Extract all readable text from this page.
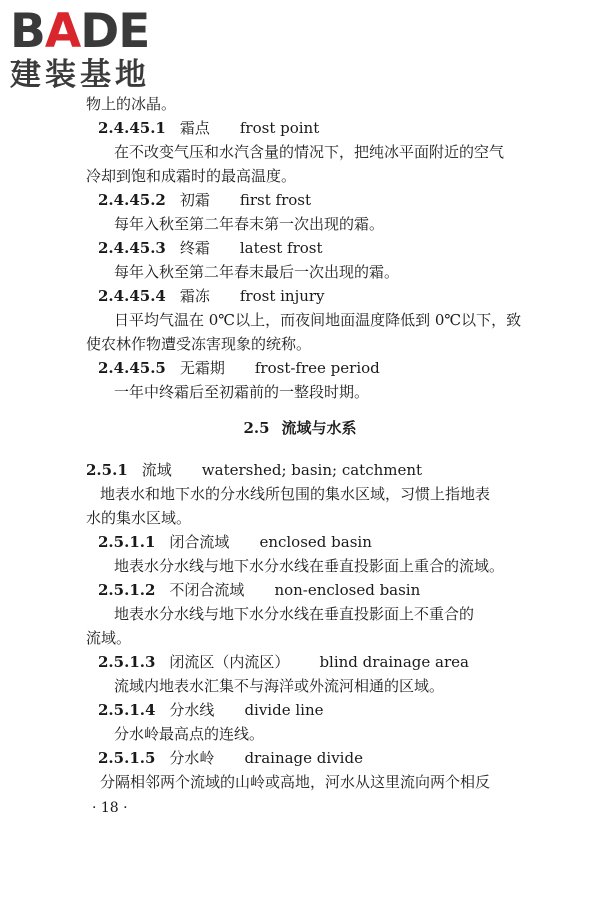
BADE
建装基地
物上的冰晶。
2.4.45.1 霜点 frost point
在不改变气压和水汽含量的情况下，把纯冰平面附近的空气
冷却到饱和成霜时的最高温度。
2.4.45.2 初霜 first frost
每年入秋至第二年春末第一次出现的霜。
2.4.45.3 终霜 latest frost
每年入秋至第二年春末最后一次出现的霜。
2.4.45.4 霜冻 frost injury
日平均气温在 0℃以上，而夜间地面温度降低到 0℃以下，致
使农林作物遭受冻害现象的统称。
2.4.45.5 无霜期 frost-free period
一年中终霜后至初霜前的一整段时期。
2.5 流域与水系
2.5.1 流域 watershed; basin; catchment
地表水和地下水的分水线所包围的集水区域，习惯上指地表
水的集水区域。
2.5.1.1 闭合流域 enclosed basin
地表水分水线与地下水分水线在垂直投影面上重合的流域。
2.5.1.2 不闭合流域 non-enclosed basin
地表水分水线与地下水分水线在垂直投影面上不重合的
流域。
2.5.1.3 闭流区（内流区） blind drainage area
流域内地表水汇集不与海洋或外流河相通的区域。
2.5.1.4 分水线 divide line
分水岭最高点的连线。
2.5.1.5 分水岭 drainage divide
分隔相邻两个流域的山岭或高地，河水从这里流向两个相反
· 18 ·
